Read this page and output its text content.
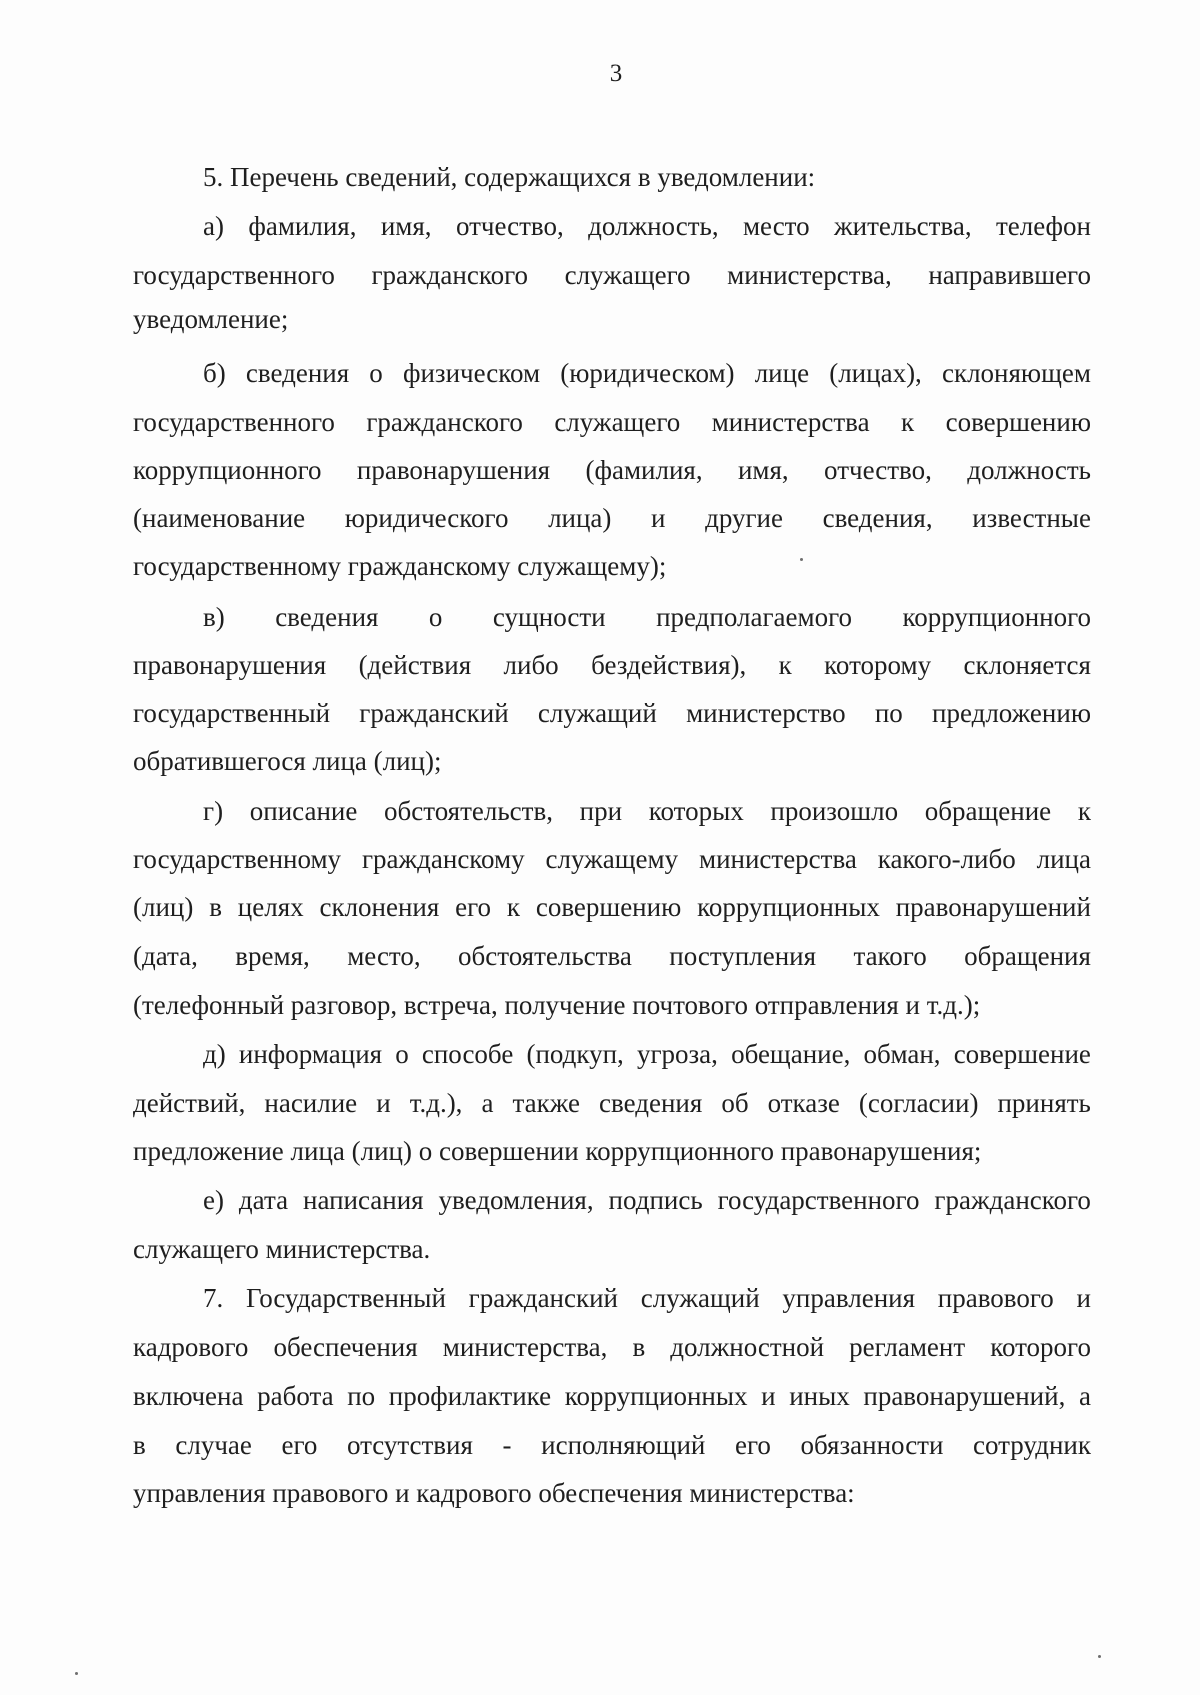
3
5. Перечень сведений, содержащихся в уведомлении:
а) фамилия, имя, отчество, должность, место жительства, телефон
государственного гражданского служащего министерства, направившего
уведомление;
б) сведения о физическом (юридическом) лице (лицах), склоняющем
государственного гражданского служащего министерства к совершению
коррупционного правонарушения (фамилия, имя, отчество, должность
(наименование юридического лица) и другие сведения, известные
государственному гражданскому служащему);
в) сведения о сущности предполагаемого коррупционного
правонарушения (действия либо бездействия), к которому склоняется
государственный гражданский служащий министерство по предложению
обратившегося лица (лиц);
г) описание обстоятельств, при которых произошло обращение к
государственному гражданскому служащему министерства какого-либо лица
(лиц) в целях склонения его к совершению коррупционных правонарушений
(дата, время, место, обстоятельства поступления такого обращения
(телефонный разговор, встреча, получение почтового отправления и т.д.);
д) информация о способе (подкуп, угроза, обещание, обман, совершение
действий, насилие и т.д.), а также сведения об отказе (согласии) принять
предложение лица (лиц) о совершении коррупционного правонарушения;
е) дата написания уведомления, подпись государственного гражданского
служащего министерства.
7. Государственный гражданский служащий управления правового и
кадрового обеспечения министерства, в должностной регламент которого
включена работа по профилактике коррупционных и иных правонарушений, а
в случае его отсутствия - исполняющий его обязанности сотрудник
управления правового и кадрового обеспечения министерства:
